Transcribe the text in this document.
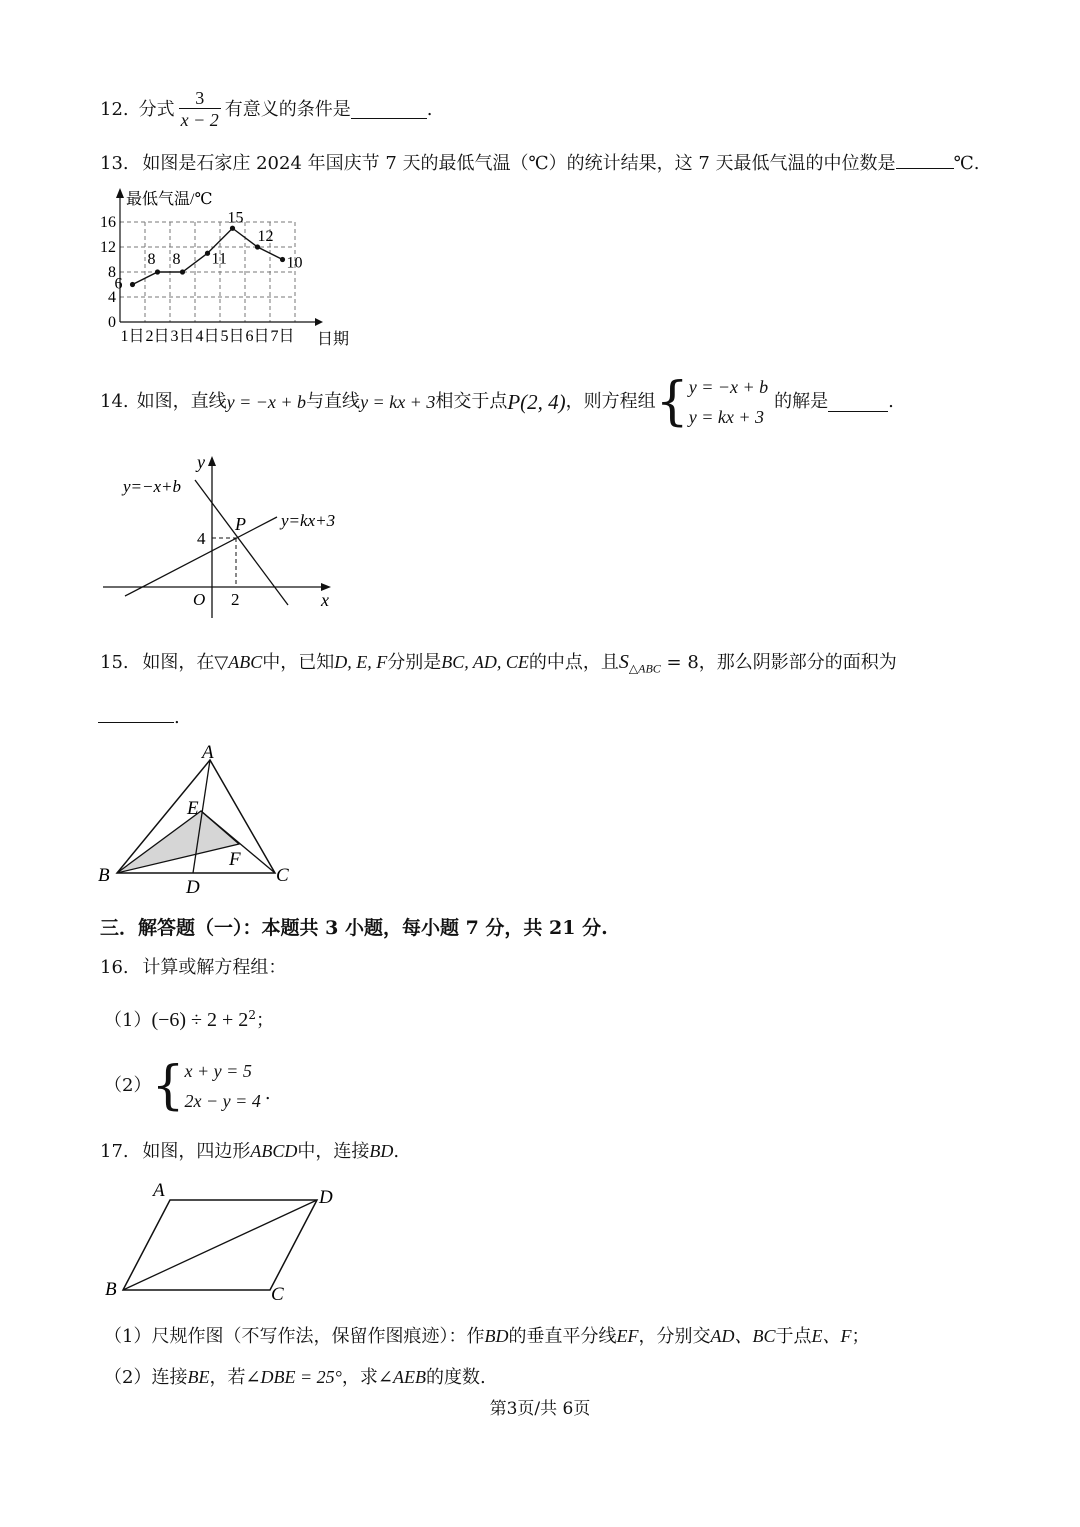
12. 分式 $\frac{3}{x - 2}$ 有意义的条件是	.
13. 如图是石家庄 2024 年国庆节 7 天的最低气温（℃）的统计结果，这 7 天最低气温的中位数是	℃.
最低气温/℃
日期
0
4
8
12
16
1日 2日 3日 4日 5日 6日 7日
6
8 8 11
15
12
10
14. 如图，直线 y = −x + b 与直线 y = kx + 3 相交于点 P(2, 4) ，则方程组 { y = −x + b
y = kx + 3
的解是	.
y=−x+b
y=kx+3
P
4
2
O	x
y
15. 如图，在▽ABC中，已知D, E, F分别是BC, AD, CE的中点，且$S_{\triangle ABC} = 8$，那么阴影部分的面积为
.
A
B	C
D
E
F
三．解答题（一）：本题共 3 小题，每小题 7 分，共 21 分.
16. 计算或解方程组：
$(1)(-6) \div 2 + 2^2$；
（2） { x + y = 5
2x − y = 4 .
17. 如图，四边形ABCD中，连接BD.
A	D
B	C
（1）尺规作图（不写作法，保留作图痕迹）：作BD的垂直平分线EF，分别交AD、BC于点E、F；
（2）连接BE，若∠DBE = 25°，求∠AEB的度数.
第3页/共 6页
